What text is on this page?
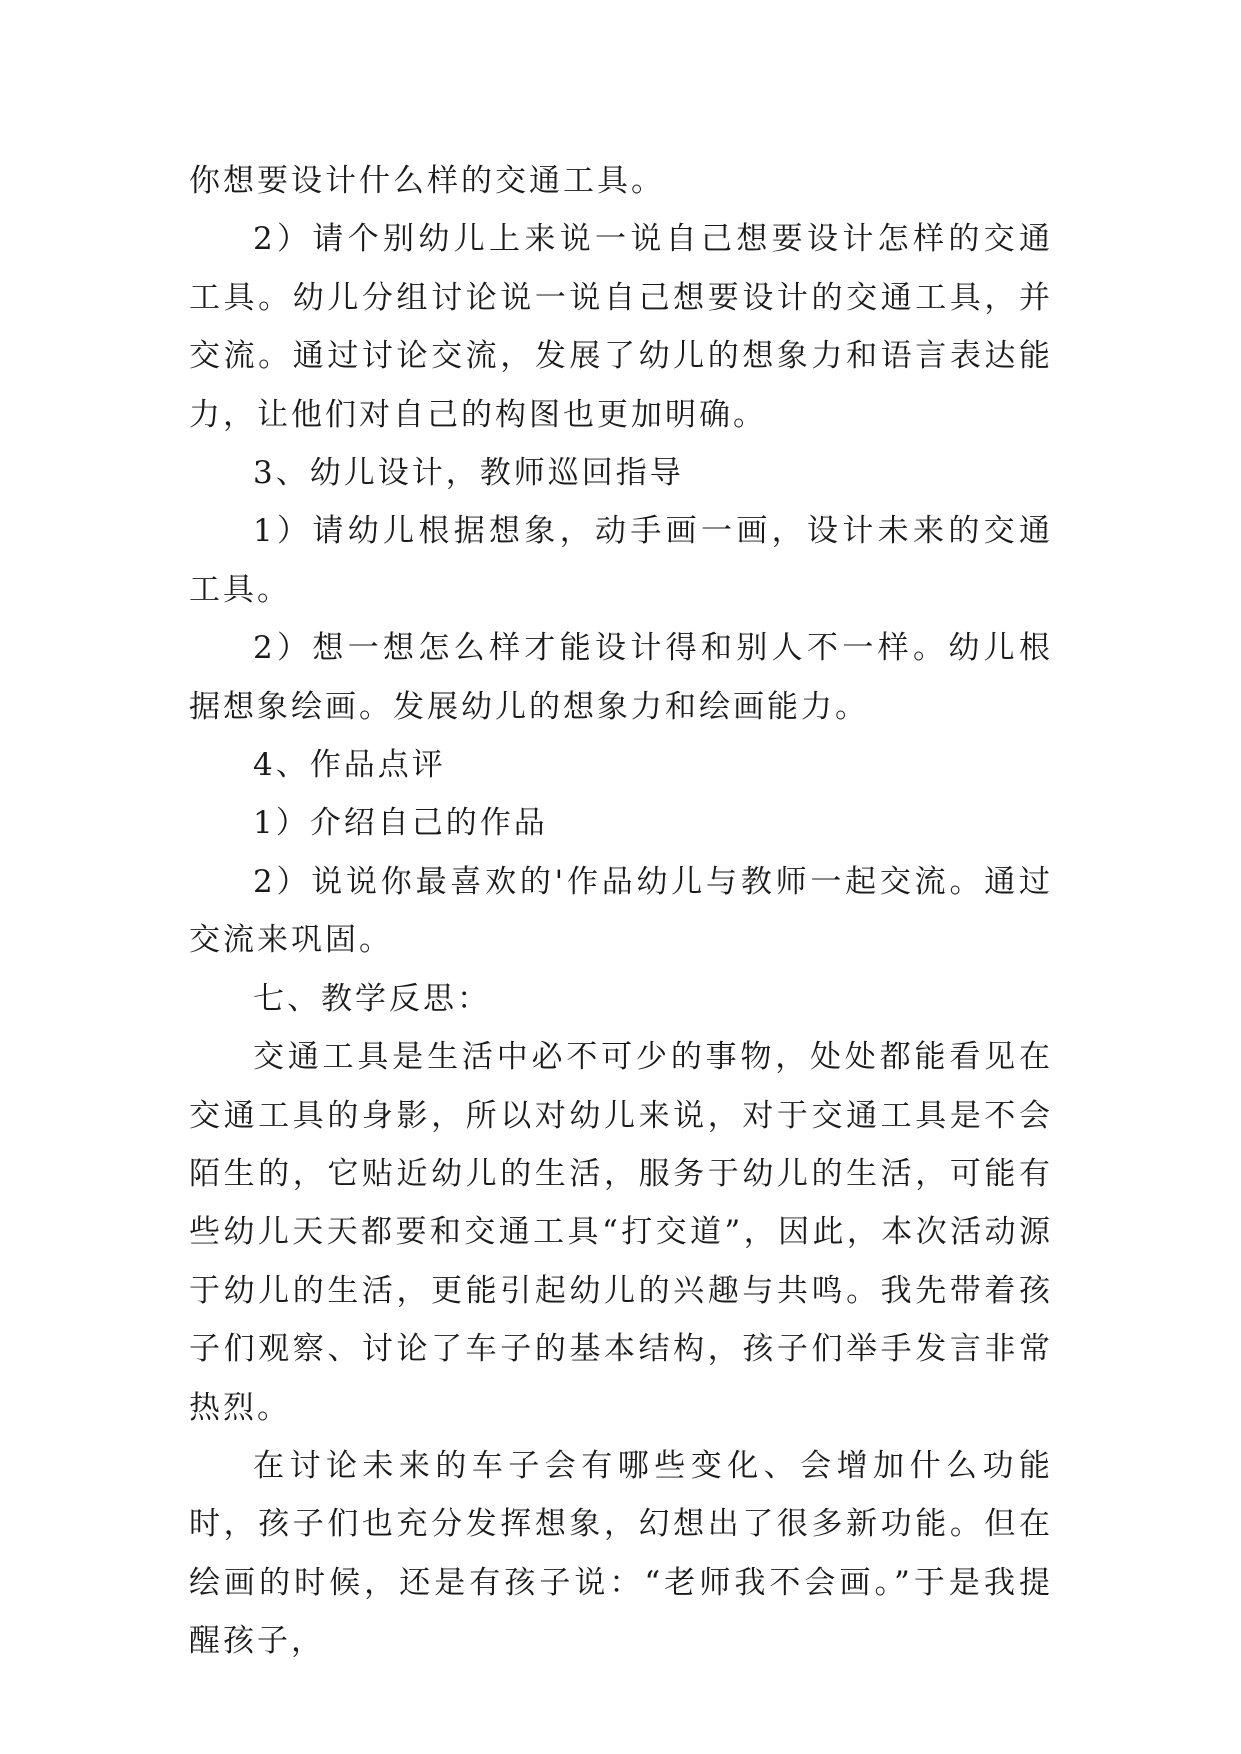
你想要设计什么样的交通工具。

2）请个别幼儿上来说一说自己想要设计怎样的交通工具。幼儿分组讨论说一说自己想要设计的交通工具，并交流。通过讨论交流，发展了幼儿的想象力和语言表达能力，让他们对自己的构图也更加明确。

3、幼儿设计，教师巡回指导

1）请幼儿根据想象，动手画一画，设计未来的交通工具。

2）想一想怎么样才能设计得和别人不一样。幼儿根据想象绘画。发展幼儿的想象力和绘画能力。

4、作品点评

1）介绍自己的作品

2）说说你最喜欢的'作品幼儿与教师一起交流。通过交流来巩固。

七、教学反思：

交通工具是生活中必不可少的事物，处处都能看见在交通工具的身影，所以对幼儿来说，对于交通工具是不会陌生的，它贴近幼儿的生活，服务于幼儿的生活，可能有些幼儿天天都要和交通工具“打交道”，因此，本次活动源于幼儿的生活，更能引起幼儿的兴趣与共鸣。我先带着孩子们观察、讨论了车子的基本结构，孩子们举手发言非常热烈。

在讨论未来的车子会有哪些变化、会增加什么功能时，孩子们也充分发挥想象，幻想出了很多新功能。但在绘画的时候，还是有孩子说：“老师我不会画。”于是我提醒孩子，
